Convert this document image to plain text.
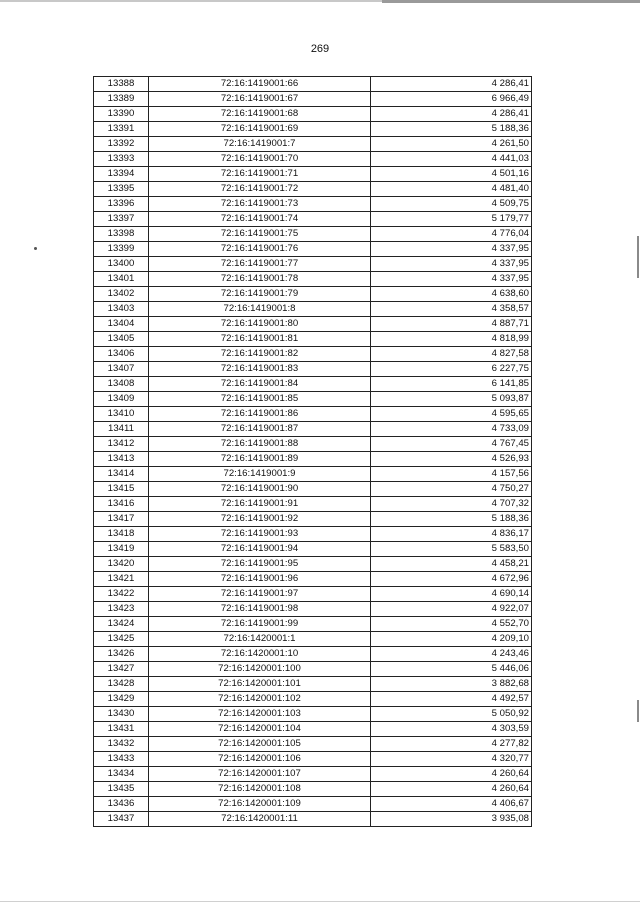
269
13388	72:16:1419001:66	4 286,41
13389	72:16:1419001:67	6 966,49
13390	72:16:1419001:68	4 286,41
13391	72:16:1419001:69	5 188,36
13392	72:16:1419001:7	4 261,50
13393	72:16:1419001:70	4 441,03
13394	72:16:1419001:71	4 501,16
13395	72:16:1419001:72	4 481,40
13396	72:16:1419001:73	4 509,75
13397	72:16:1419001:74	5 179,77
13398	72:16:1419001:75	4 776,04
13399	72:16:1419001:76	4 337,95
13400	72:16:1419001:77	4 337,95
13401	72:16:1419001:78	4 337,95
13402	72:16:1419001:79	4 638,60
13403	72:16:1419001:8	4 358,57
13404	72:16:1419001:80	4 887,71
13405	72:16:1419001:81	4 818,99
13406	72:16:1419001:82	4 827,58
13407	72:16:1419001:83	6 227,75
13408	72:16:1419001:84	6 141,85
13409	72:16:1419001:85	5 093,87
13410	72:16:1419001:86	4 595,65
13411	72:16:1419001:87	4 733,09
13412	72:16:1419001:88	4 767,45
13413	72:16:1419001:89	4 526,93
13414	72:16:1419001:9	4 157,56
13415	72:16:1419001:90	4 750,27
13416	72:16:1419001:91	4 707,32
13417	72:16:1419001:92	5 188,36
13418	72:16:1419001:93	4 836,17
13419	72:16:1419001:94	5 583,50
13420	72:16:1419001:95	4 458,21
13421	72:16:1419001:96	4 672,96
13422	72:16:1419001:97	4 690,14
13423	72:16:1419001:98	4 922,07
13424	72:16:1419001:99	4 552,70
13425	72:16:1420001:1	4 209,10
13426	72:16:1420001:10	4 243,46
13427	72:16:1420001:100	5 446,06
13428	72:16:1420001:101	3 882,68
13429	72:16:1420001:102	4 492,57
13430	72:16:1420001:103	5 050,92
13431	72:16:1420001:104	4 303,59
13432	72:16:1420001:105	4 277,82
13433	72:16:1420001:106	4 320,77
13434	72:16:1420001:107	4 260,64
13435	72:16:1420001:108	4 260,64
13436	72:16:1420001:109	4 406,67
13437	72:16:1420001:11	3 935,08
